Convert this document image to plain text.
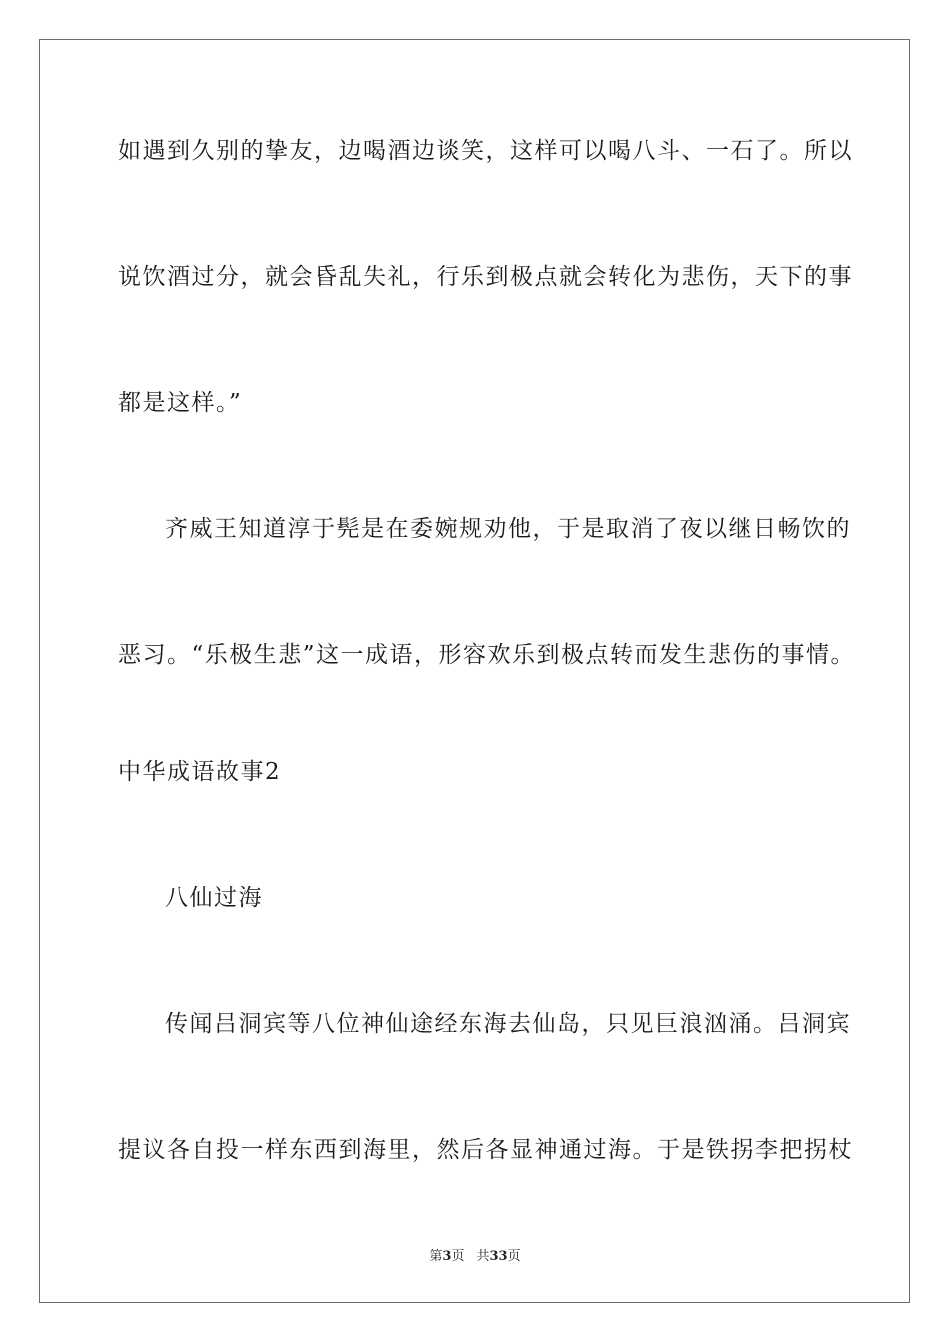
如遇到久别的挚友，边喝酒边谈笑，这样可以喝八斗、一石了。所以
说饮酒过分，就会昏乱失礼，行乐到极点就会转化为悲伤，天下的事
都是这样。”
齐威王知道淳于髡是在委婉规劝他，于是取消了夜以继日畅饮的
恶习。“乐极生悲”这一成语，形容欢乐到极点转而发生悲伤的事情。
中华成语故事2
八仙过海
传闻吕洞宾等八位神仙途经东海去仙岛，只见巨浪汹涌。吕洞宾
提议各自投一样东西到海里，然后各显神通过海。于是铁拐李把拐杖
第3页 共33页
